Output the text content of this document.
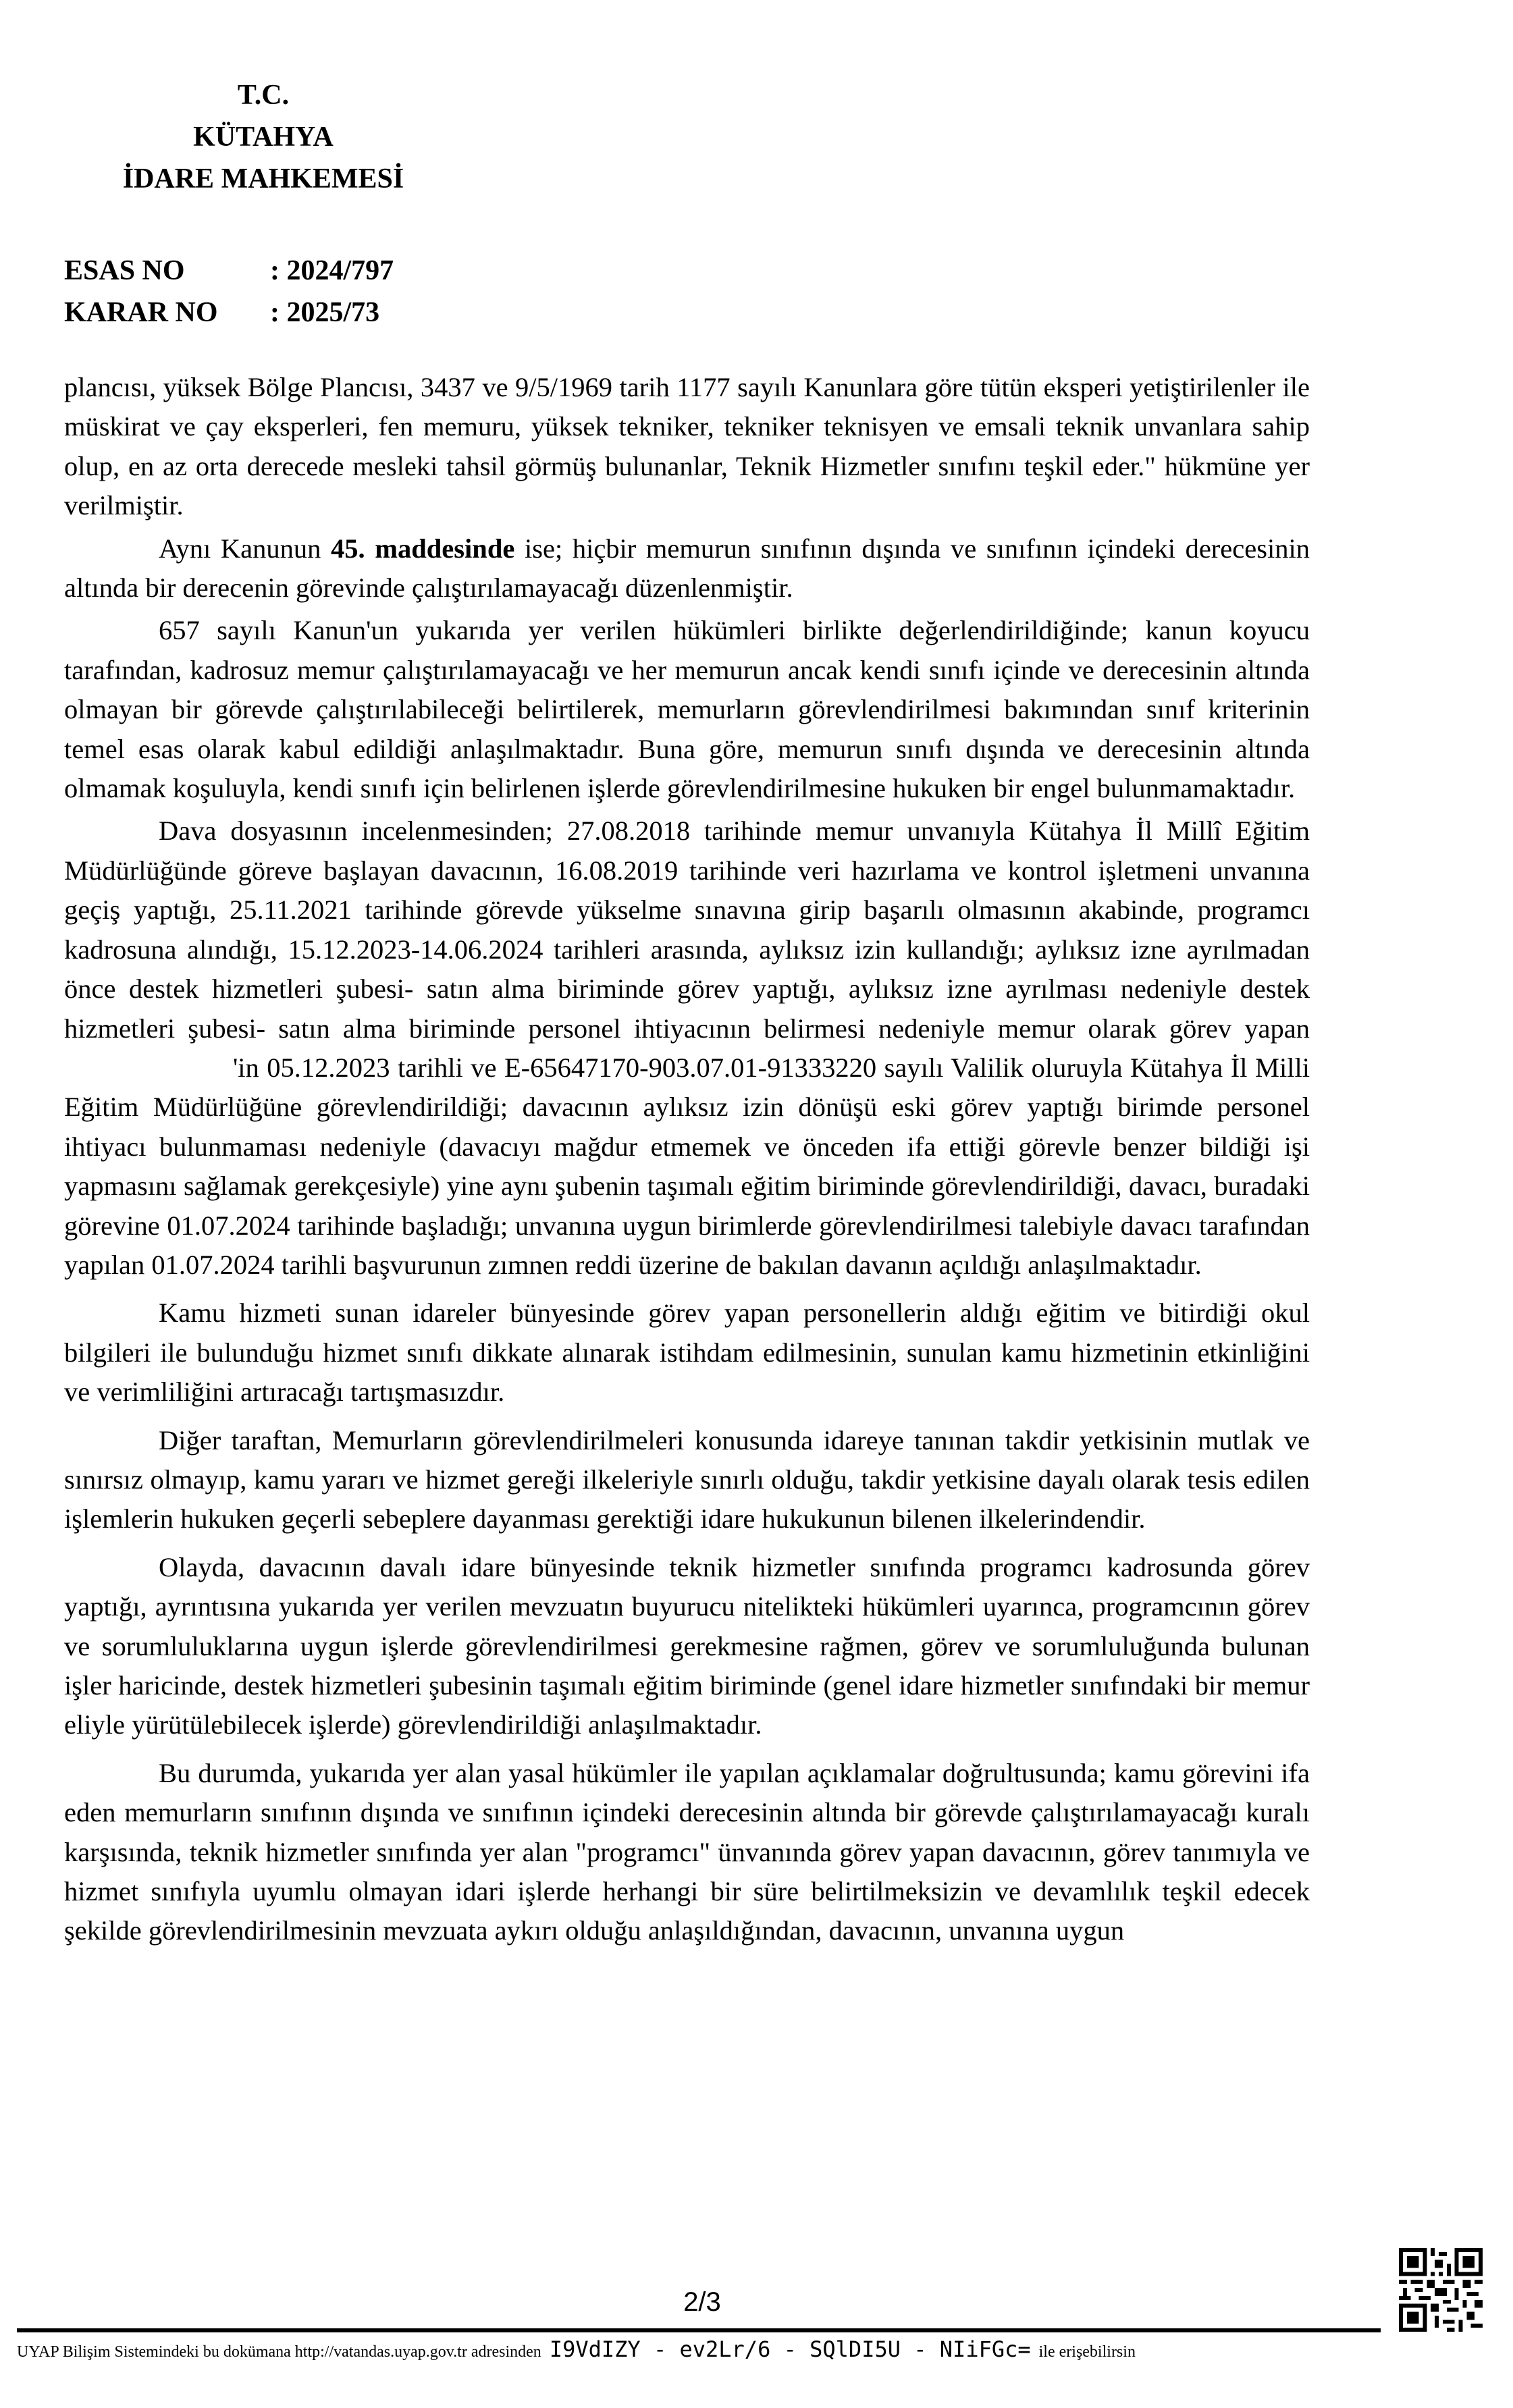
T.C.
KÜTAHYA
İDARE MAHKEMESİ
ESAS NO	: 2024/797
KARAR NO	: 2025/73

plancısı, yüksek Bölge Plancısı, 3437 ve 9/5/1969 tarih 1177 sayılı Kanunlara göre tütün eksperi yetiştirilenler ile müskirat ve çay eksperleri, fen memuru, yüksek tekniker, tekniker teknisyen ve emsali teknik unvanlara sahip olup, en az orta derecede mesleki tahsil görmüş bulunanlar, Teknik Hizmetler sınıfını teşkil eder." hükmüne yer verilmiştir.

Aynı Kanunun 45. maddesinde ise; hiçbir memurun sınıfının dışında ve sınıfının içindeki derecesinin altında bir derecenin görevinde çalıştırılamayacağı düzenlenmiştir.

657 sayılı Kanun'un yukarıda yer verilen hükümleri birlikte değerlendirildiğinde; kanun koyucu tarafından, kadrosuz memur çalıştırılamayacağı ve her memurun ancak kendi sınıfı içinde ve derecesinin altında olmayan bir görevde çalıştırılabileceği belirtilerek, memurların görevlendirilmesi bakımından sınıf kriterinin temel esas olarak kabul edildiği anlaşılmaktadır. Buna göre, memurun sınıfı dışında ve derecesinin altında olmamak koşuluyla, kendi sınıfı için belirlenen işlerde görevlendirilmesine hukuken bir engel bulunmamaktadır.

Dava dosyasının incelenmesinden; 27.08.2018 tarihinde memur unvanıyla Kütahya İl Millî Eğitim Müdürlüğünde göreve başlayan davacının, 16.08.2019 tarihinde veri hazırlama ve kontrol işletmeni unvanına geçiş yaptığı, 25.11.2021 tarihinde görevde yükselme sınavına girip başarılı olmasının akabinde, programcı kadrosuna alındığı, 15.12.2023-14.06.2024 tarihleri arasında, aylıksız izin kullandığı; aylıksız izne ayrılmadan önce destek hizmetleri şubesi- satın alma biriminde görev yaptığı, aylıksız izne ayrılması nedeniyle destek hizmetleri şubesi- satın alma biriminde personel ihtiyacının belirmesi nedeniyle memur olarak görev yapan'in 05.12.2023 tarihli ve E-65647170-903.07.01-91333220 sayılı Valilik oluruyla Kütahya İl Milli Eğitim Müdürlüğüne görevlendirildiği; davacının aylıksız izin dönüşü eski görev yaptığı birimde personel ihtiyacı bulunmaması nedeniyle (davacıyı mağdur etmemek ve önceden ifa ettiği görevle benzer bildiği işi yapmasını sağlamak gerekçesiyle) yine aynı şubenin taşımalı eğitim biriminde görevlendirildiği, davacı, buradaki görevine 01.07.2024 tarihinde başladığı; unvanına uygun birimlerde görevlendirilmesi talebiyle davacı tarafından yapılan 01.07.2024 tarihli başvurunun zımnen reddi üzerine de bakılan davanın açıldığı anlaşılmaktadır.

Kamu hizmeti sunan idareler bünyesinde görev yapan personellerin aldığı eğitim ve bitirdiği okul bilgileri ile bulunduğu hizmet sınıfı dikkate alınarak istihdam edilmesinin, sunulan kamu hizmetinin etkinliğini ve verimliliğini artıracağı tartışmasızdır.

Diğer taraftan, Memurların görevlendirilmeleri konusunda idareye tanınan takdir yetkisinin mutlak ve sınırsız olmayıp, kamu yararı ve hizmet gereği ilkeleriyle sınırlı olduğu, takdir yetkisine dayalı olarak tesis edilen işlemlerin hukuken geçerli sebeplere dayanması gerektiği idare hukukunun bilenen ilkelerindendir.

Olayda, davacının davalı idare bünyesinde teknik hizmetler sınıfında programcı kadrosunda görev yaptığı, ayrıntısına yukarıda yer verilen mevzuatın buyurucu nitelikteki hükümleri uyarınca, programcının görev ve sorumluluklarına uygun işlerde görevlendirilmesi gerekmesine rağmen, görev ve sorumluluğunda bulunan işler haricinde, destek hizmetleri şubesinin taşımalı eğitim biriminde (genel idare hizmetler sınıfındaki bir memur eliyle yürütülebilecek işlerde) görevlendirildiği anlaşılmaktadır.

Bu durumda, yukarıda yer alan yasal hükümler ile yapılan açıklamalar doğrultusunda; kamu görevini ifa eden memurların sınıfının dışında ve sınıfının içindeki derecesinin altında bir görevde çalıştırılamayacağı kuralı karşısında, teknik hizmetler sınıfında yer alan "programcı" ünvanında görev yapan davacının, görev tanımıyla ve hizmet sınıfıyla uyumlu olmayan idari işlerde herhangi bir süre belirtilmeksizin ve devamlılık teşkil edecek şekilde görevlendirilmesinin mevzuata aykırı olduğu anlaşıldığından, davacının, unvanına uygun

2/3
UYAP Bilişim Sistemindeki bu dokümana http://vatandas.uyap.gov.tr adresinden I9VdIZY - ev2Lr/6 - SQlDI5U - NIiFGc= ile erişebilirsin
